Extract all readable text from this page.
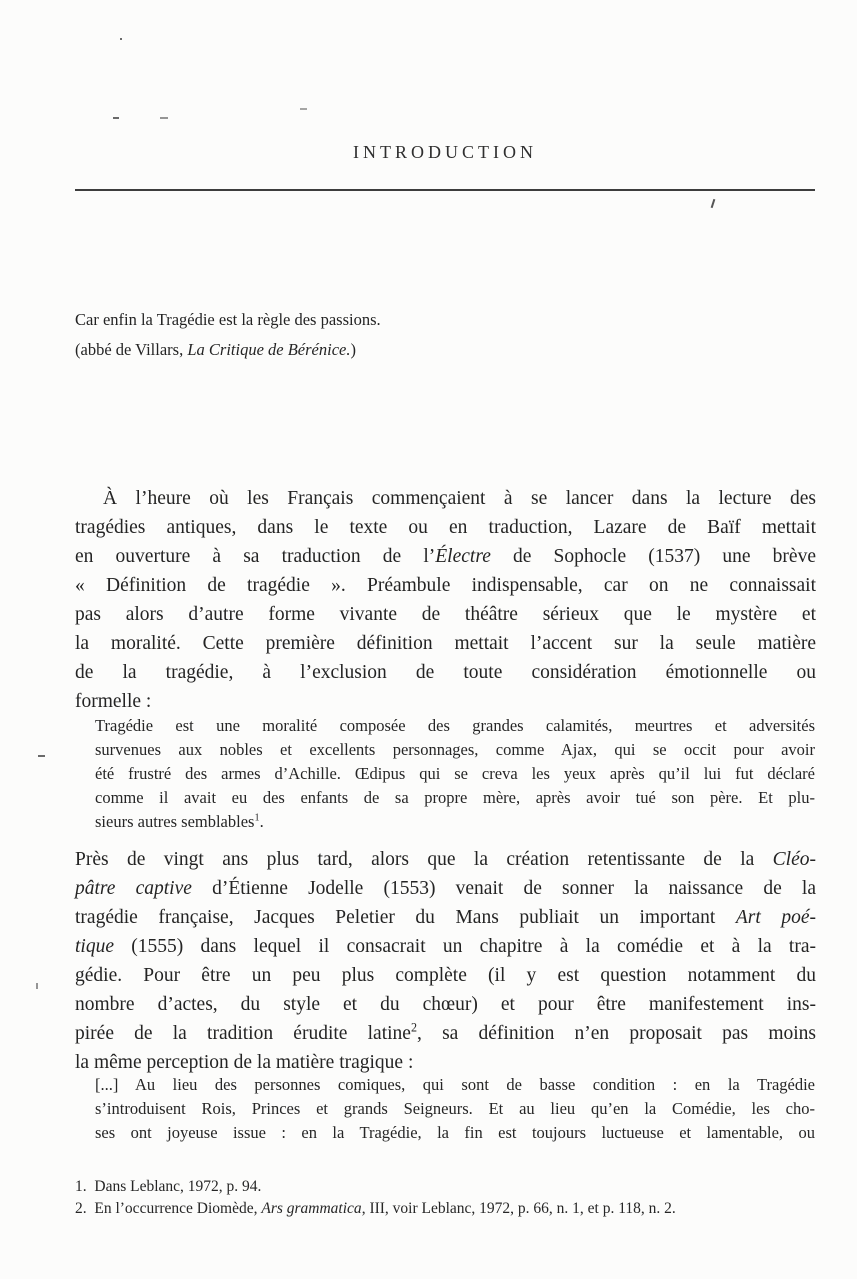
INTRODUCTION
Car enfin la Tragédie est la règle des passions.
(abbé de Villars, La Critique de Bérénice.)
À l’heure où les Français commençaient à se lancer dans la lecture des
tragédies antiques, dans le texte ou en traduction, Lazare de Baïf mettait
en ouverture à sa traduction de l’Électre de Sophocle (1537) une brève
« Définition de tragédie ». Préambule indispensable, car on ne connaissait
pas alors d’autre forme vivante de théâtre sérieux que le mystère et
la moralité. Cette première définition mettait l’accent sur la seule matière
de la tragédie, à l’exclusion de toute considération émotionnelle ou
formelle :
Tragédie est une moralité composée des grandes calamités, meurtres et adversités
survenues aux nobles et excellents personnages, comme Ajax, qui se occit pour avoir
été frustré des armes d’Achille. Œdipus qui se creva les yeux après qu’il lui fut déclaré
comme il avait eu des enfants de sa propre mère, après avoir tué son père. Et plu-
sieurs autres semblables$^1$.
Près de vingt ans plus tard, alors que la création retentissante de la Cléo-
pâtre captive d’Étienne Jodelle (1553) venait de sonner la naissance de la
tragédie française, Jacques Peletier du Mans publiait un important Art poé-
tique (1555) dans lequel il consacrait un chapitre à la comédie et à la tra-
gédie. Pour être un peu plus complète (il y est question notamment du
nombre d’actes, du style et du chœur) et pour être manifestement ins-
pirée de la tradition érudite latine$^2$, sa définition n’en proposait pas moins
la même perception de la matière tragique :
[...] Au lieu des personnes comiques, qui sont de basse condition : en la Tragédie
s’introduisent Rois, Princes et grands Seigneurs. Et au lieu qu’en la Comédie, les cho-
ses ont joyeuse issue : en la Tragédie, la fin est toujours luctueuse et lamentable, ou
1.  Dans Leblanc, 1972, p. 94.
2.  En l’occurrence Diomède, Ars grammatica, III, voir Leblanc, 1972, p. 66, n. 1, et p. 118, n. 2.
